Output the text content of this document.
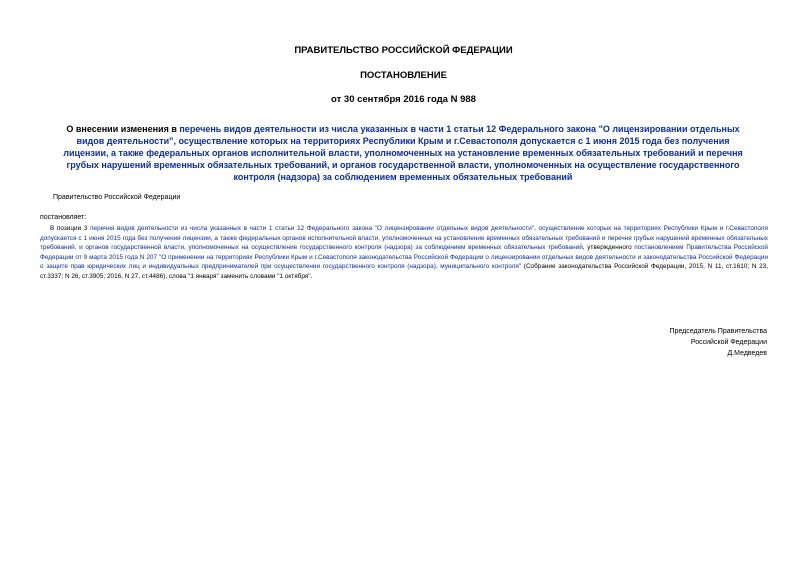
ПРАВИТЕЛЬСТВО РОССИЙСКОЙ ФЕДЕРАЦИИ
ПОСТАНОВЛЕНИЕ
от 30 сентября 2016 года N 988
О внесении изменения в перечень видов деятельности из числа указанных в части 1 статьи 12 Федерального закона "О лицензировании отдельных видов деятельности", осуществление которых на территориях Республики Крым и г.Севастополя допускается с 1 июня 2015 года без получения лицензии, а также федеральных органов исполнительной власти, уполномоченных на установление временных обязательных требований и перечня грубых нарушений временных обязательных требований, и органов государственной власти, уполномоченных на осуществление государственного контроля (надзора) за соблюдением временных обязательных требований
Правительство Российской Федерации
постановляет:
В позиции 3 перечня видов деятельности из числа указанных в части 1 статьи 12 Федерального закона "О лицензировании отдельных видов деятельности", осуществление которых на территориях Республики Крым и г.Севастополя допускается с 1 июня 2015 года без получения лицензии, а также федеральных органов исполнительной власти, уполномоченных на установление временных обязательных требований и перечня грубых нарушений временных обязательных требований, и органов государственной власти, уполномоченных на осуществление государственного контроля (надзора) за соблюдением временных обязательных требований, утвержденного постановлением Правительства Российской Федерации от 9 марта 2015 года N 207 "О применении на территориях Республики Крым и г.Севастополя законодательства Российской Федерации о лицензировании отдельных видов деятельности и законодательства Российской Федерации о защите прав юридических лиц и индивидуальных предпринимателей при осуществлении государственного контроля (надзора), муниципального контроля" (Собрание законодательства Российской Федерации, 2015, N 11, ст.1610; N 23, ст.3337; N 26, ст.3905; 2016, N 27, ст.4486), слова "1 января" заменить словами "1 октября".
Председатель Правительства
Российской Федерации
Д.Медведев
